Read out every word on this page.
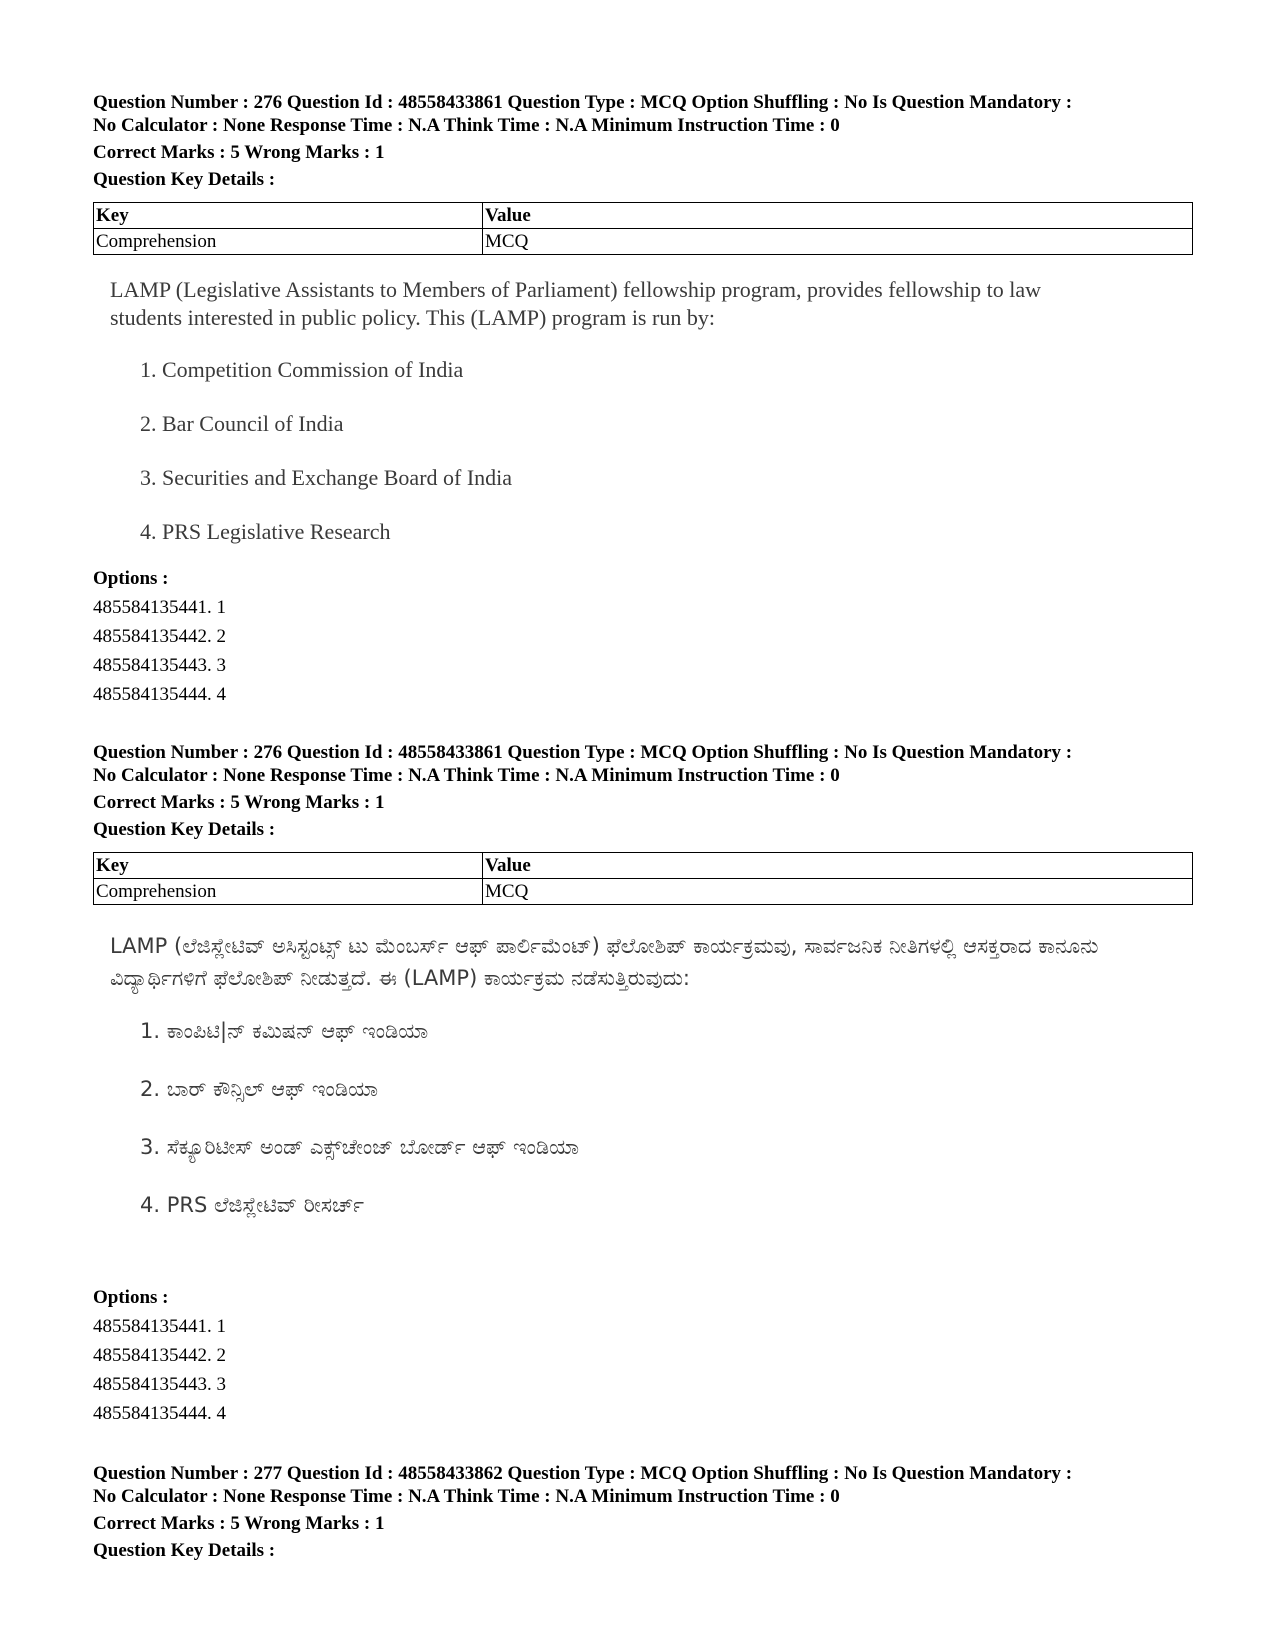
Question Number : 276 Question Id : 48558433861 Question Type : MCQ Option Shuffling : No Is Question Mandatory :
No Calculator : None Response Time : N.A Think Time : N.A Minimum Instruction Time : 0
Correct Marks : 5 Wrong Marks : 1
Question Key Details :
Key	Value
Comprehension	MCQ

LAMP (Legislative Assistants to Members of Parliament) fellowship program, provides fellowship to law students interested in public policy. This (LAMP) program is run by:

1. Competition Commission of India
2. Bar Council of India
3. Securities and Exchange Board of India
4. PRS Legislative Research
Options :
485584135441. 1
485584135442. 2
485584135443. 3
485584135444. 4
Question Number : 276 Question Id : 48558433861 Question Type : MCQ Option Shuffling : No Is Question Mandatory :
No Calculator : None Response Time : N.A Think Time : N.A Minimum Instruction Time : 0
Correct Marks : 5 Wrong Marks : 1
Question Key Details :
Key	Value
Comprehension	MCQ

LAMP (ಲೆಜಿಸ್ಲೇಟಿವ್ ಅಸಿಸ್ಟಂಟ್ಸ್ ಟು ಮೆಂಬರ್ಸ್ ಆಫ್ ಪಾರ್ಲಿಮೆಂಟ್) ಫೆಲೋಶಿಪ್ ಕಾರ್ಯಕ್ರಮವು, ಸಾರ್ವಜನಿಕ ನೀತಿಗಳಲ್ಲಿ ಆಸಕ್ತರಾದ ಕಾನೂನು ವಿದ್ಯಾರ್ಥಿಗಳಿಗೆ ಫೆಲೋಶಿಪ್ ನೀಡುತ್ತದೆ. ಈ (LAMP) ಕಾರ್ಯಕ್ರಮ ನಡೆಸುತ್ತಿರುವುದು:

1. ಕಾಂಪಿಟಿ|ನ್ ಕಮಿಷನ್ ಆಫ್ ಇಂಡಿಯಾ
2. ಬಾರ್ ಕೌನ್ಸಿಲ್ ಆಫ್ ಇಂಡಿಯಾ
3. ಸೆಕ್ಯೂರಿಟೀಸ್ ಅಂಡ್ ಎಕ್ಸ್‌ಚೇಂಜ್ ಬೋರ್ಡ್ ಆಫ್ ಇಂಡಿಯಾ
4. PRS ಲೆಜಿಸ್ಲೇಟಿವ್ ರೀಸರ್ಚ್
Options :
485584135441. 1
485584135442. 2
485584135443. 3
485584135444. 4
Question Number : 277 Question Id : 48558433862 Question Type : MCQ Option Shuffling : No Is Question Mandatory :
No Calculator : None Response Time : N.A Think Time : N.A Minimum Instruction Time : 0
Correct Marks : 5 Wrong Marks : 1
Question Key Details :
